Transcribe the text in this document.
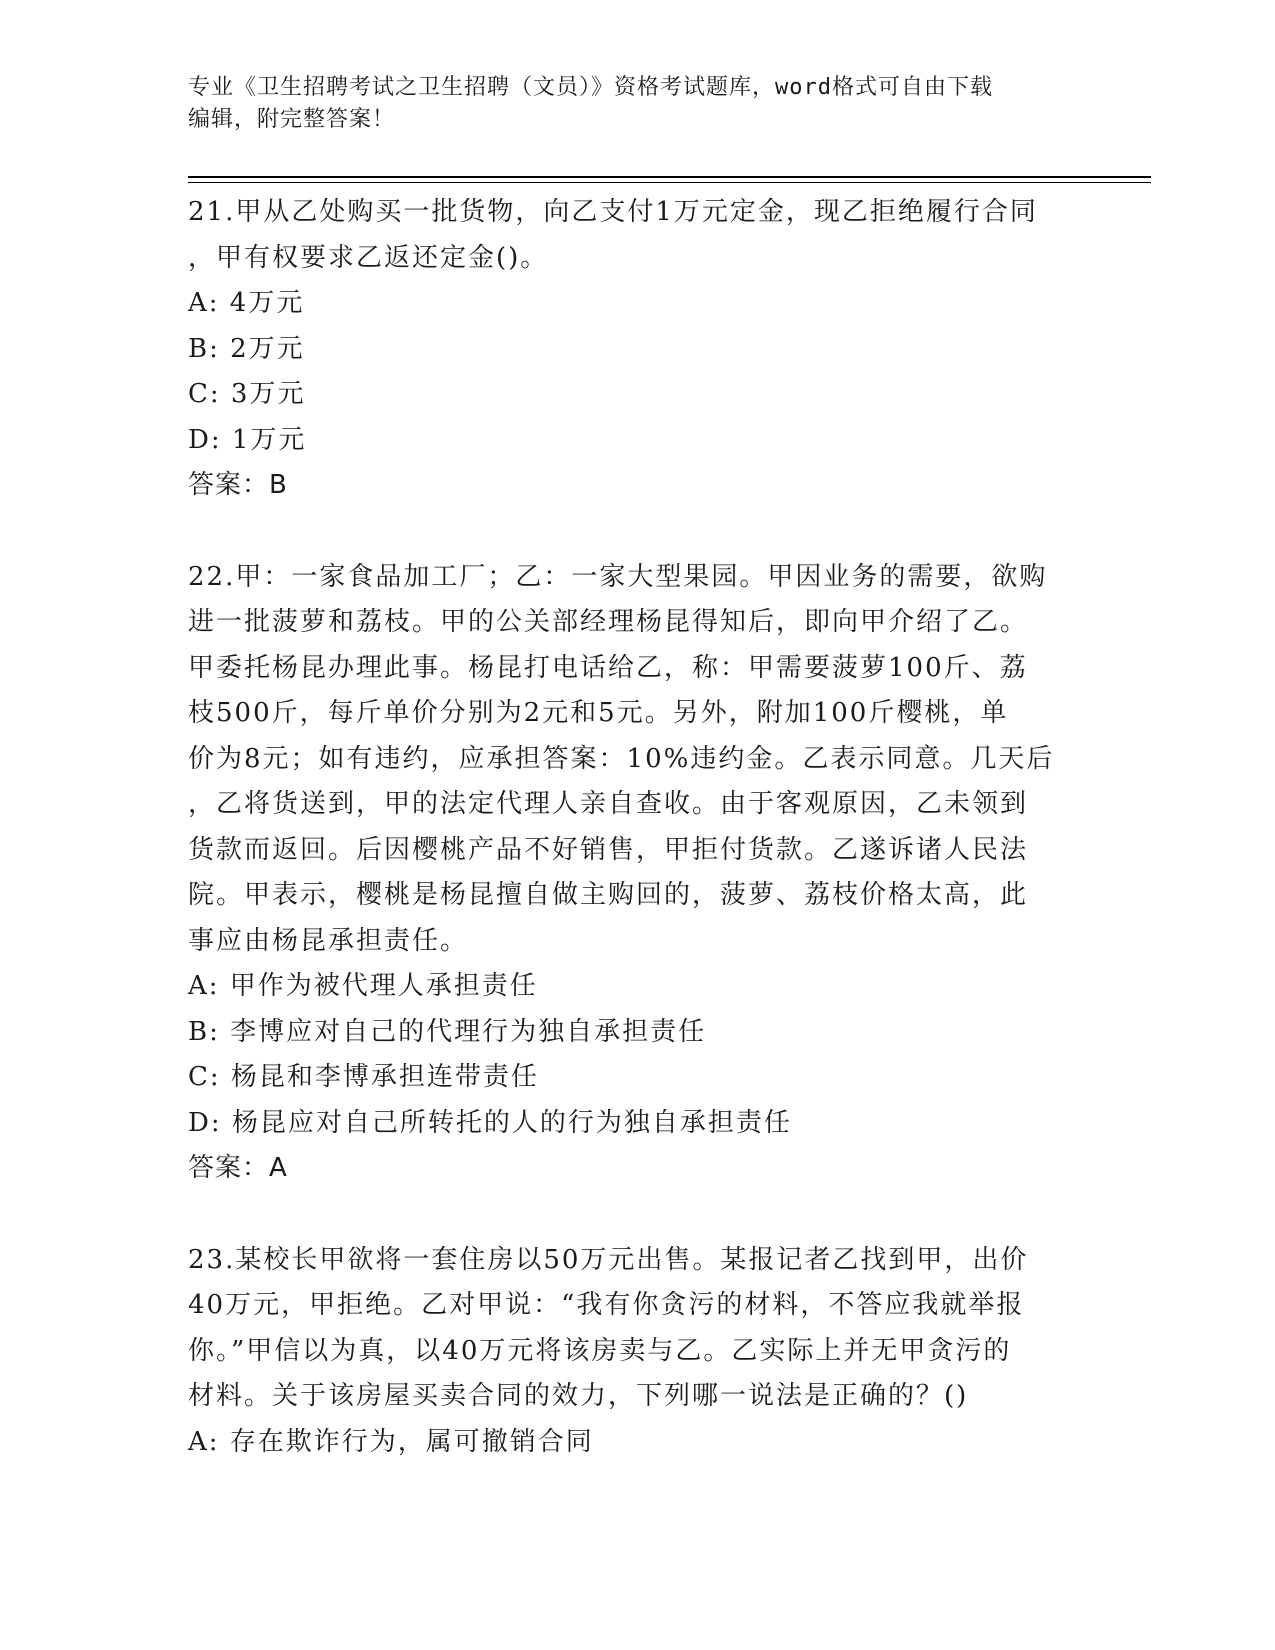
专业《卫生招聘考试之卫生招聘（文员）》资格考试题库，word格式可自由下载
编辑，附完整答案！
21.甲从乙处购买一批货物，向乙支付1万元定金，现乙拒绝履行合同
，甲有权要求乙返还定金()。
A: 4万元
B: 2万元
C: 3万元
D: 1万元
答案：B
22.甲：一家食品加工厂；乙：一家大型果园。甲因业务的需要，欲购
进一批菠萝和荔枝。甲的公关部经理杨昆得知后，即向甲介绍了乙。
甲委托杨昆办理此事。杨昆打电话给乙，称：甲需要菠萝100斤、荔
枝500斤，每斤单价分别为2元和5元。另外，附加100斤樱桃，单
价为8元；如有违约，应承担答案：10%违约金。乙表示同意。几天后
，乙将货送到，甲的法定代理人亲自查收。由于客观原因，乙未领到
货款而返回。后因樱桃产品不好销售，甲拒付货款。乙遂诉诸人民法
院。甲表示，樱桃是杨昆擅自做主购回的，菠萝、荔枝价格太高，此
事应由杨昆承担责任。
A: 甲作为被代理人承担责任
B: 李博应对自己的代理行为独自承担责任
C: 杨昆和李博承担连带责任
D: 杨昆应对自己所转托的人的行为独自承担责任
答案：A
23.某校长甲欲将一套住房以50万元出售。某报记者乙找到甲，出价
40万元，甲拒绝。乙对甲说：“我有你贪污的材料，不答应我就举报
你。”甲信以为真，以40万元将该房卖与乙。乙实际上并无甲贪污的
材料。关于该房屋买卖合同的效力，下列哪一说法是正确的？()
A: 存在欺诈行为，属可撤销合同
